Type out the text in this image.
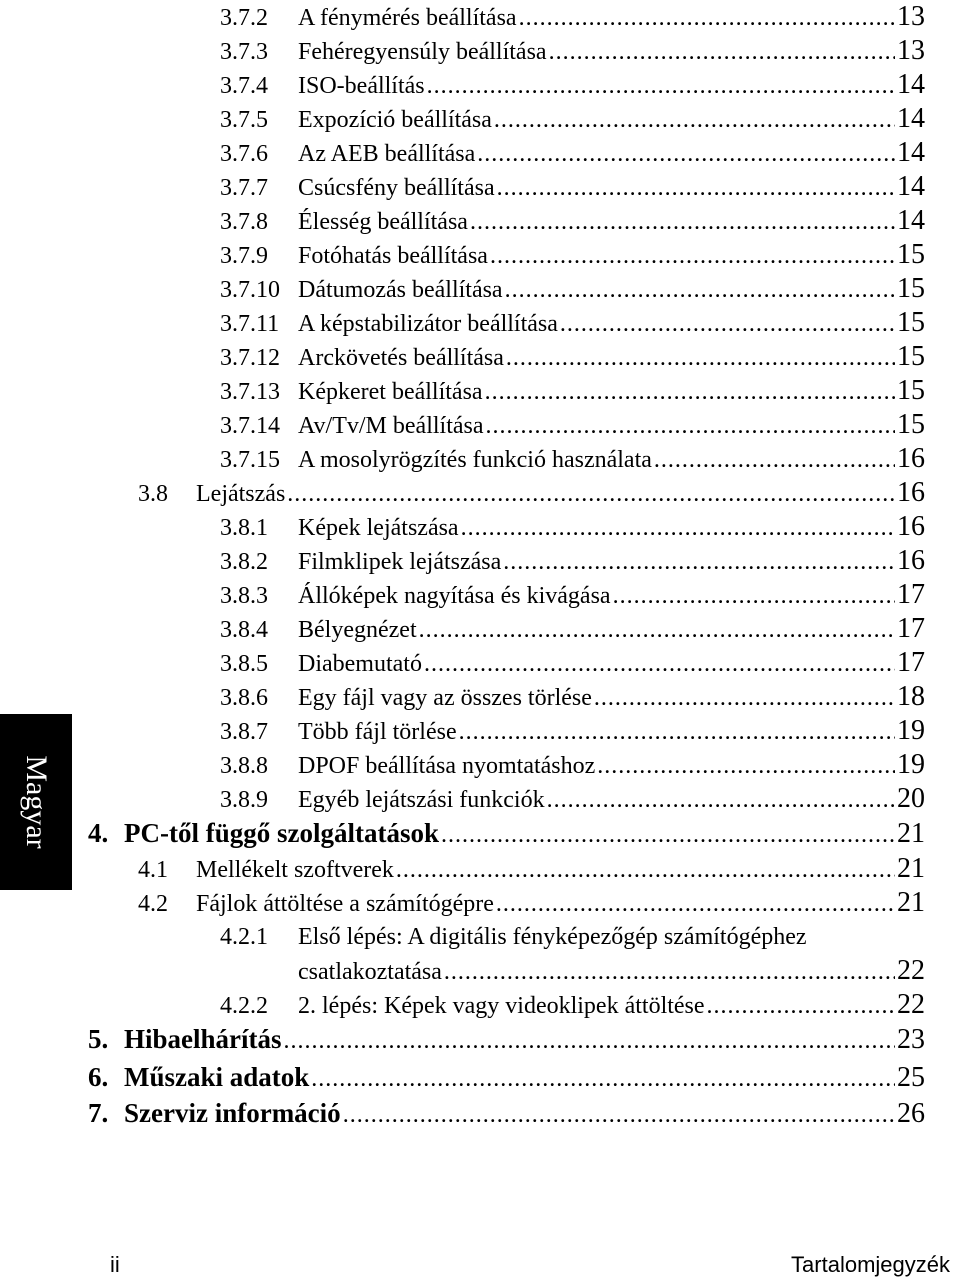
Magyar
3.7.2	A fénymérés beállítása .....	13
3.7.3	Fehéregyensúly beállítása .....	13
3.7.4	ISO-beállítás .....	14
3.7.5	Expozíció beállítása .....	14
3.7.6	Az AEB beállítása .....	14
3.7.7	Csúcsfény beállítása .....	14
3.7.8	Élesség beállítása .....	14
3.7.9	Fotóhatás beállítása .....	15
3.7.10 Dátumozás beállítása .....	15
3.7.11 A képstabilizátor beállítása .....	15
3.7.12 Arckövetés beállítása .....	15
3.7.13 Képkeret beállítása .....	15
3.7.14 Av/Tv/M beállítása .....	15
3.7.15 A mosolyrögzítés funkció használata .....	16
3.8	Lejátszás .....	16
3.8.1	Képek lejátszása .....	16
3.8.2	Filmklipek lejátszása .....	16
3.8.3	Állóképek nagyítása és kivágása .....	17
3.8.4	Bélyegnézet .....	17
3.8.5	Diabemutató .....	17
3.8.6	Egy fájl vagy az összes törlése .....	18
3.8.7	Több fájl törlése .....	19
3.8.8	DPOF beállítása nyomtatáshoz .....	19
3.8.9	Egyéb lejátszási funkciók .....	20
4. PC-től függő szolgáltatások .....	21
4.1	Mellékelt szoftverek .....	21
4.2	Fájlok áttöltése a számítógépre .....	21
4.2.1 Első lépés: A digitális fényképezőgép számítógéphez
csatlakoztatása .....	22
4.2.2	2. lépés: Képek vagy videoklipek áttöltése .....	22
5. Hibaelhárítás .....	23
6. Műszaki adatok .....	25
7. Szerviz információ .....	26
ii	Tartalomjegyzék
